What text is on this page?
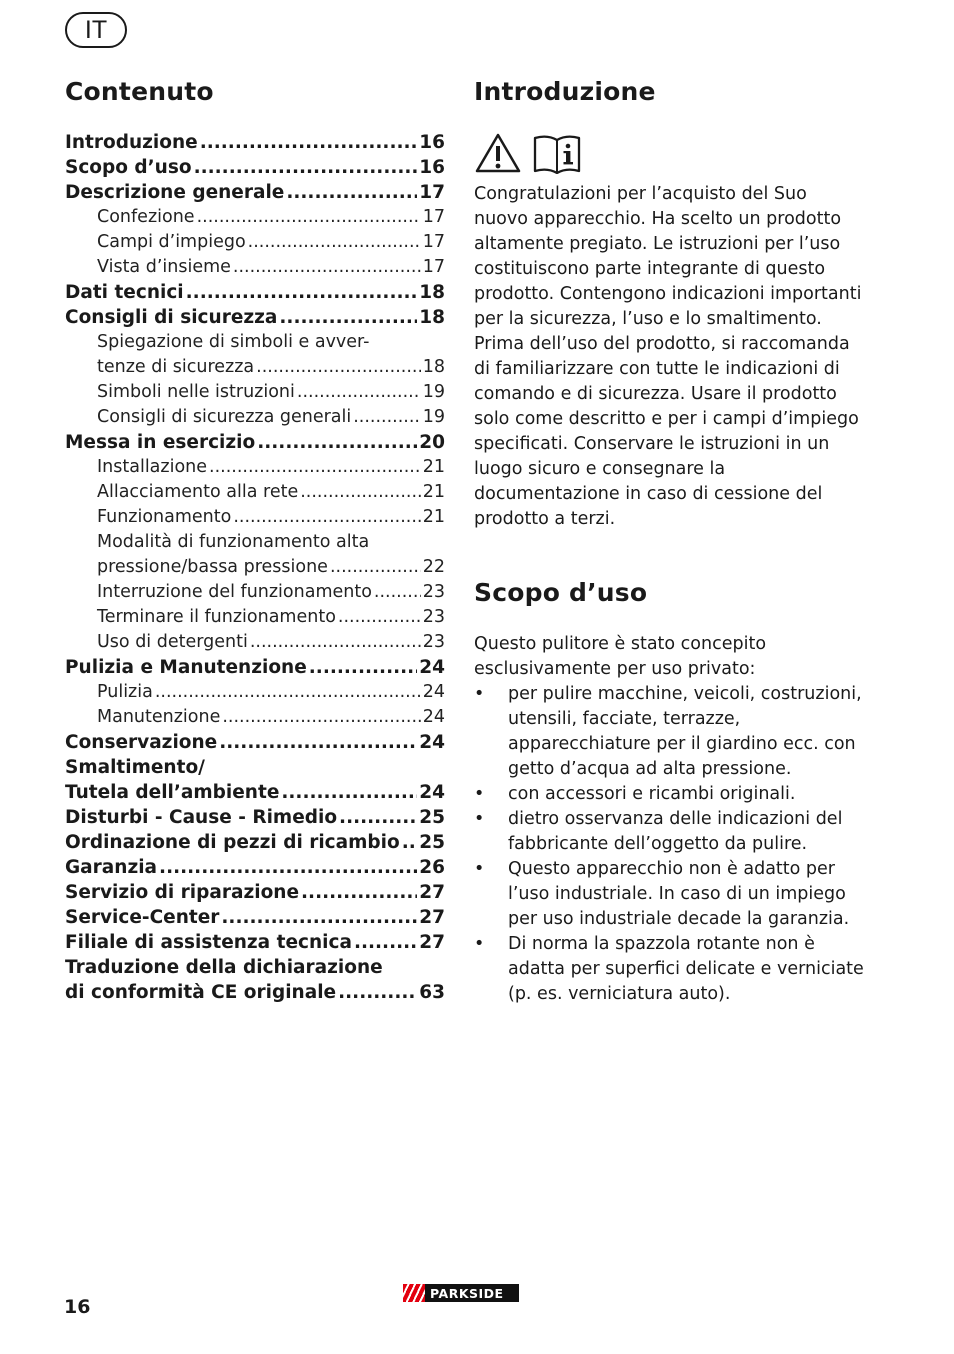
IT
Contenuto
Introduzione .....	16
Scopo d’uso .....	16
Descrizione generale .....	17
Confezione .....	17
Campi d’impiego .....	17
Vista d’insieme .....	17
Dati tecnici .....	18
Consigli di sicurezza .....	18
Spiegazione di simboli e avver-
tenze di sicurezza .....	18
Simboli nelle istruzioni .....	19
Consigli di sicurezza generali .....	19
Messa in esercizio .....	20
Installazione .....	21
Allacciamento alla rete .....	21
Funzionamento .....	21
Modalità di funzionamento alta
pressione/bassa pressione .....	22
Interruzione del funzionamento .....	23
Terminare il funzionamento .....	23
Uso di detergenti .....	23
Pulizia e Manutenzione .....	24
Pulizia .....	24
Manutenzione .....	24
Conservazione .....	24
Smaltimento/
Tutela dell’ambiente .....	24
Disturbi - Cause - Rimedio .....	25
Ordinazione di pezzi di ricambio ..... 25
Garanzia .....	26
Servizio di riparazione .....	27
Service-Center .....	27
Filiale di assistenza tecnica .....	27
Traduzione della dichiarazione
di conformità CE originale .....	63
Introduzione

Congratulazioni per l’acquisto del Suo nuovo apparecchio. Ha scelto un prodotto altamente pregiato. Le istruzioni per l’uso costituiscono parte integrante di questo prodotto. Contengono indicazioni importanti per la sicurezza, l’uso e lo smaltimento. Prima dell’uso del prodotto, si raccomanda di familiarizzare con tutte le indicazioni di comando e di sicurezza. Usare il prodotto solo come descritto e per i campi d’impiego specificati. Conservare le istruzioni in un luogo sicuro e consegnare la documentazione in caso di cessione del prodotto a terzi.

Scopo d’uso

Questo pulitore è stato concepito esclusivamente per uso privato:

•	per pulire macchine, veicoli, costruzioni, utensili, facciate, terrazze, apparecchiature per il giardino ecc. con getto d’acqua ad alta pressione.
•	con accessori e ricambi originali.
•	dietro osservanza delle indicazioni del fabbricante dell’oggetto da pulire.
•	Questo apparecchio non è adatto per l’uso industriale. In caso di un impiego per uso industriale decade la garanzia.
•	Di norma la spazzola rotante non è adatta per superfici delicate e verniciate (p. es. verniciatura auto).
16
PARKSIDE
